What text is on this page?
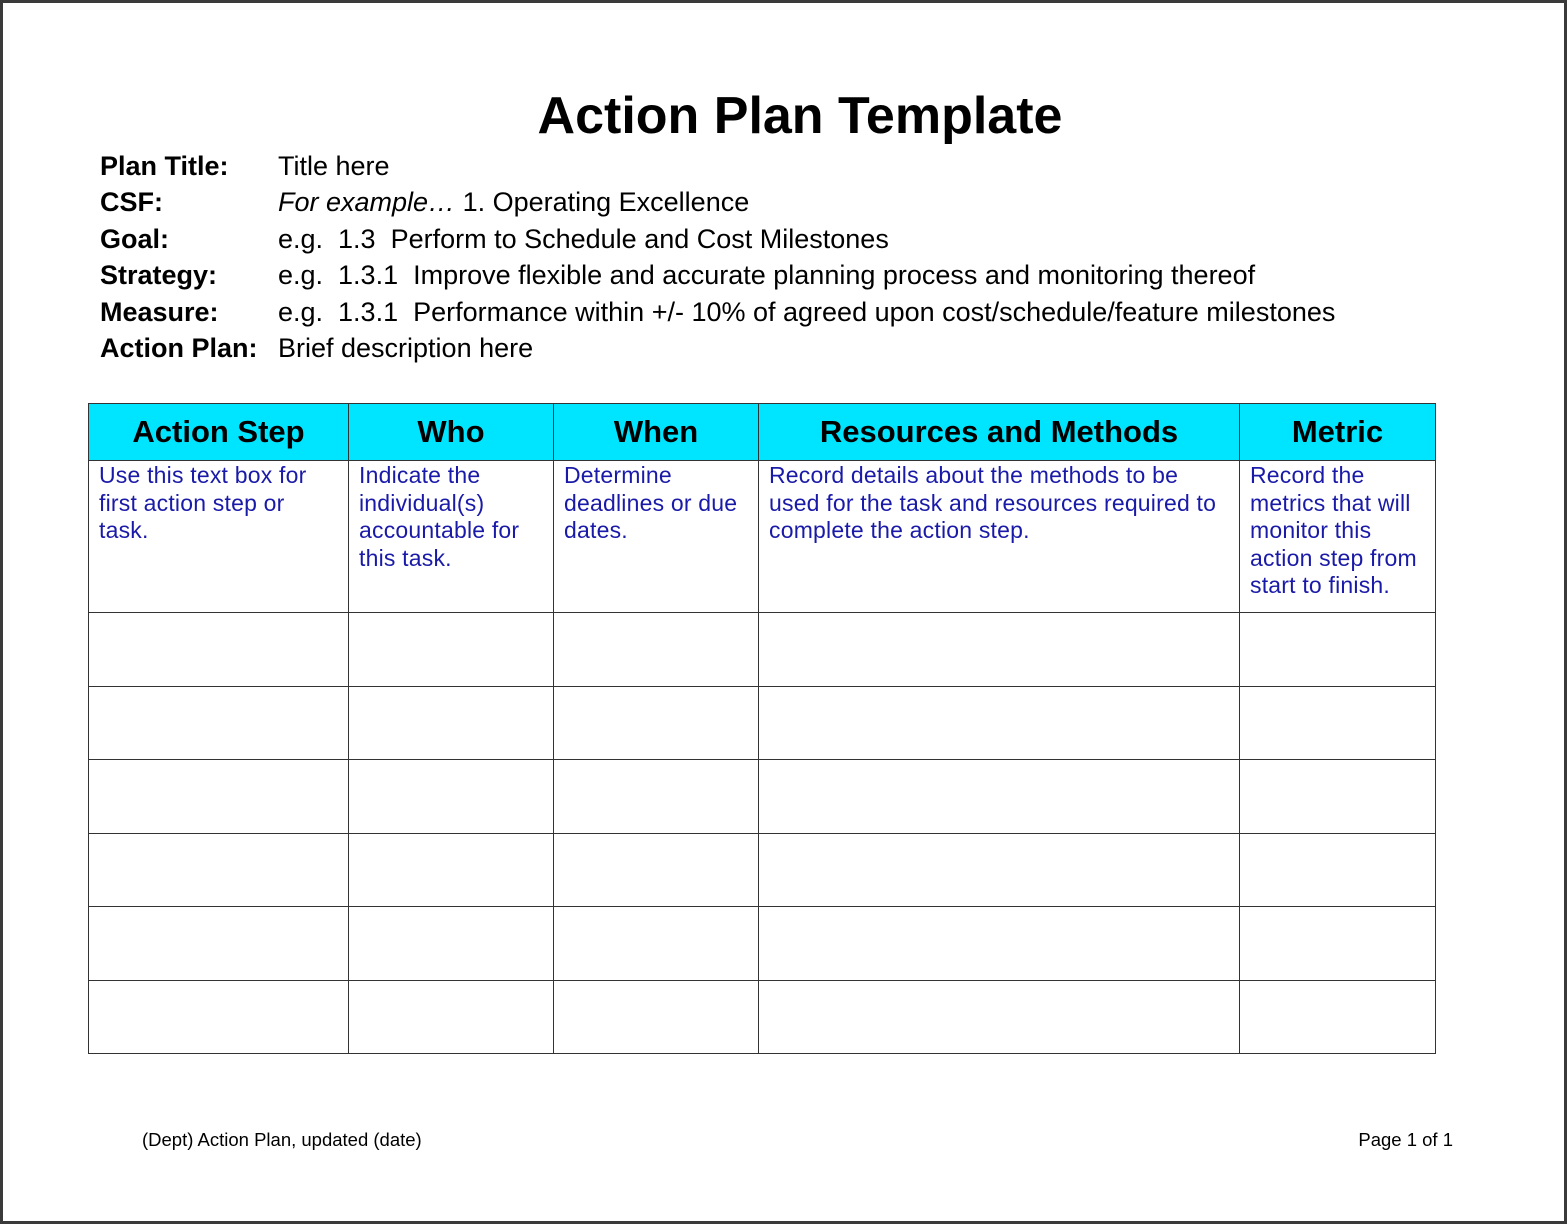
Action Plan Template
Plan Title: Title here
CSF:	For example… 1. Operating Excellence
Goal:	e.g.  1.3  Perform to Schedule and Cost Milestones
Strategy: e.g.  1.3.1  Improve flexible and accurate planning process and monitoring thereof
Measure: e.g.  1.3.1  Performance within +/- 10% of agreed upon cost/schedule/feature milestones
Action Plan: Brief description here
Action Step	Who	When	Resources and Methods	Metric
Use this text box for first action step or task.	Indicate the individual(s) accountable for this task.	Determine deadlines or due dates.	Record details about the methods to be used for the task and resources required to complete the action step.	Record the metrics that will monitor this action step from start to finish.

(Dept) Action Plan, updated (date)	Page 1 of 1
